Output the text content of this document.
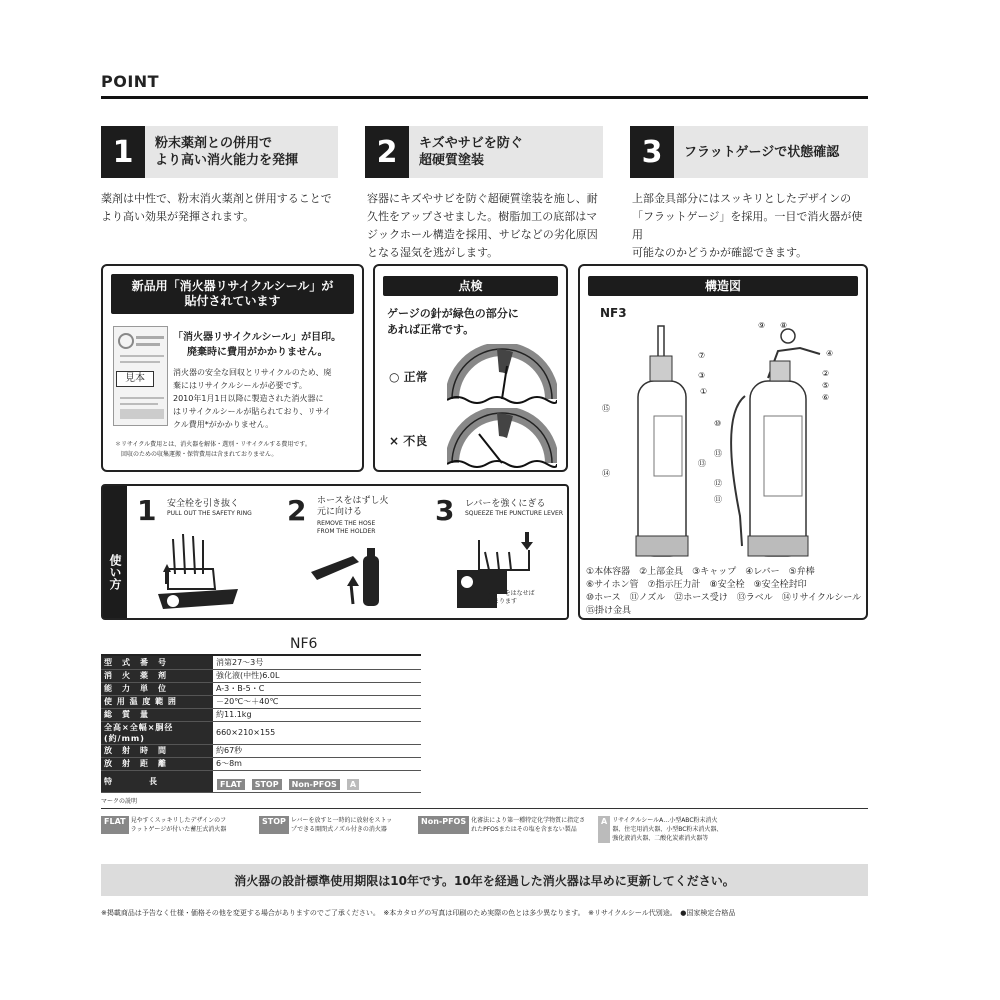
POINT
1	粉末薬剤との併用で
より高い消火能力を発揮
薬剤は中性で、粉末消火薬剤と併用することで
より高い効果が発揮されます。
2	キズやサビを防ぐ
超硬質塗装
容器にキズやサビを防ぐ超硬質塗装を施し、耐
久性をアップさせました。樹脂加工の底部はマ
ジックホール構造を採用、サビなどの劣化原因
となる湿気を逃がします。
3	フラットゲージで状態確認
上部金具部分にはスッキリとしたデザインの
「フラットゲージ」を採用。一目で消火器が使用
可能なのかどうかが確認できます。
新品用「消火器リサイクルシール」が
貼付されています
見本
「消火器リサイクルシール」が目印。
廃棄時に費用がかかりません。
消火器の安全な回収とリサイクルのため、廃
棄にはリサイクルシールが必要です。
2010年1月1日以降に製造された消火器に
はリサイクルシールが貼られており、リサイ
クル費用*がかかりません。
＊リサイクル費用とは、消火器を解体・選別・リサイクルする費用です。
　回収のための収集運搬・保管費用は含まれておりません。
点検
ゲージの針が緑色の部分に
あれば正常です。
○ 正常
× 不良
構造図
NF3
⑦
③
①
⑮
⑭
⑬
⑨ ⑧
④
②
⑤
⑥
⑩
⑬
⑫
⑪
①本体容器　②上部金具　③キャップ　④レバー　⑤弁棒
⑥サイホン管　⑦指示圧力計　⑧安全栓　⑨安全栓封印
⑩ホース　⑪ノズル　⑫ホース受け　⑬ラベル　⑭リサイクルシール
⑮掛け金具
使い方
1 安全栓を引き抜く
PULL OUT THE SAFETY RING 2 ホースをはずし火元に向ける
REMOVE THE HOSE
FROM THE HOLDER
3 レバーを強くにぎる
SQUEEZE THE PUNCTURE LEVER
レバーをはなせば
止まります
NF6
型　式　番　号	消第27～3号
消　火　薬　剤	強化液(中性)6.0L
能　力　単　位	A-3・B-5・C
使 用 温 度 範 囲	－20℃～＋40℃
総　質　量	約11.1kg
全高×全幅×胴径(約/mm)	660×210×155
放　射　時　間	約67秒
放　射　距　離	6～8m
特　　　　長		FLAT STOP Non-PFOS A
マークの説明
FLAT 見やすくスッキリしたデザインのフ
ラットゲージが付いた蓄圧式消火器
STOP レバーを放すと一時的に放射をストッ
プできる開閉式ノズル付きの消火器
Non-PFOS 化審法により第一種特定化学物質に指定さ
れたPFOSまたはその塩を含まない製品
A リサイクルシールA…小型ABC粉末消火
器、住宅用消火器、小型BC粉末消火器、
強化液消火器、二酸化炭素消火器等
消火器の設計標準使用期限は10年です。10年を経過した消火器は早めに更新してください。
※掲載商品は予告なく仕様・価格その他を変更する場合がありますのでご了承ください。　※本カタログの写真は印刷のため実際の色とは多少異なります。　※リサイクルシール代別途。　●国家検定合格品
